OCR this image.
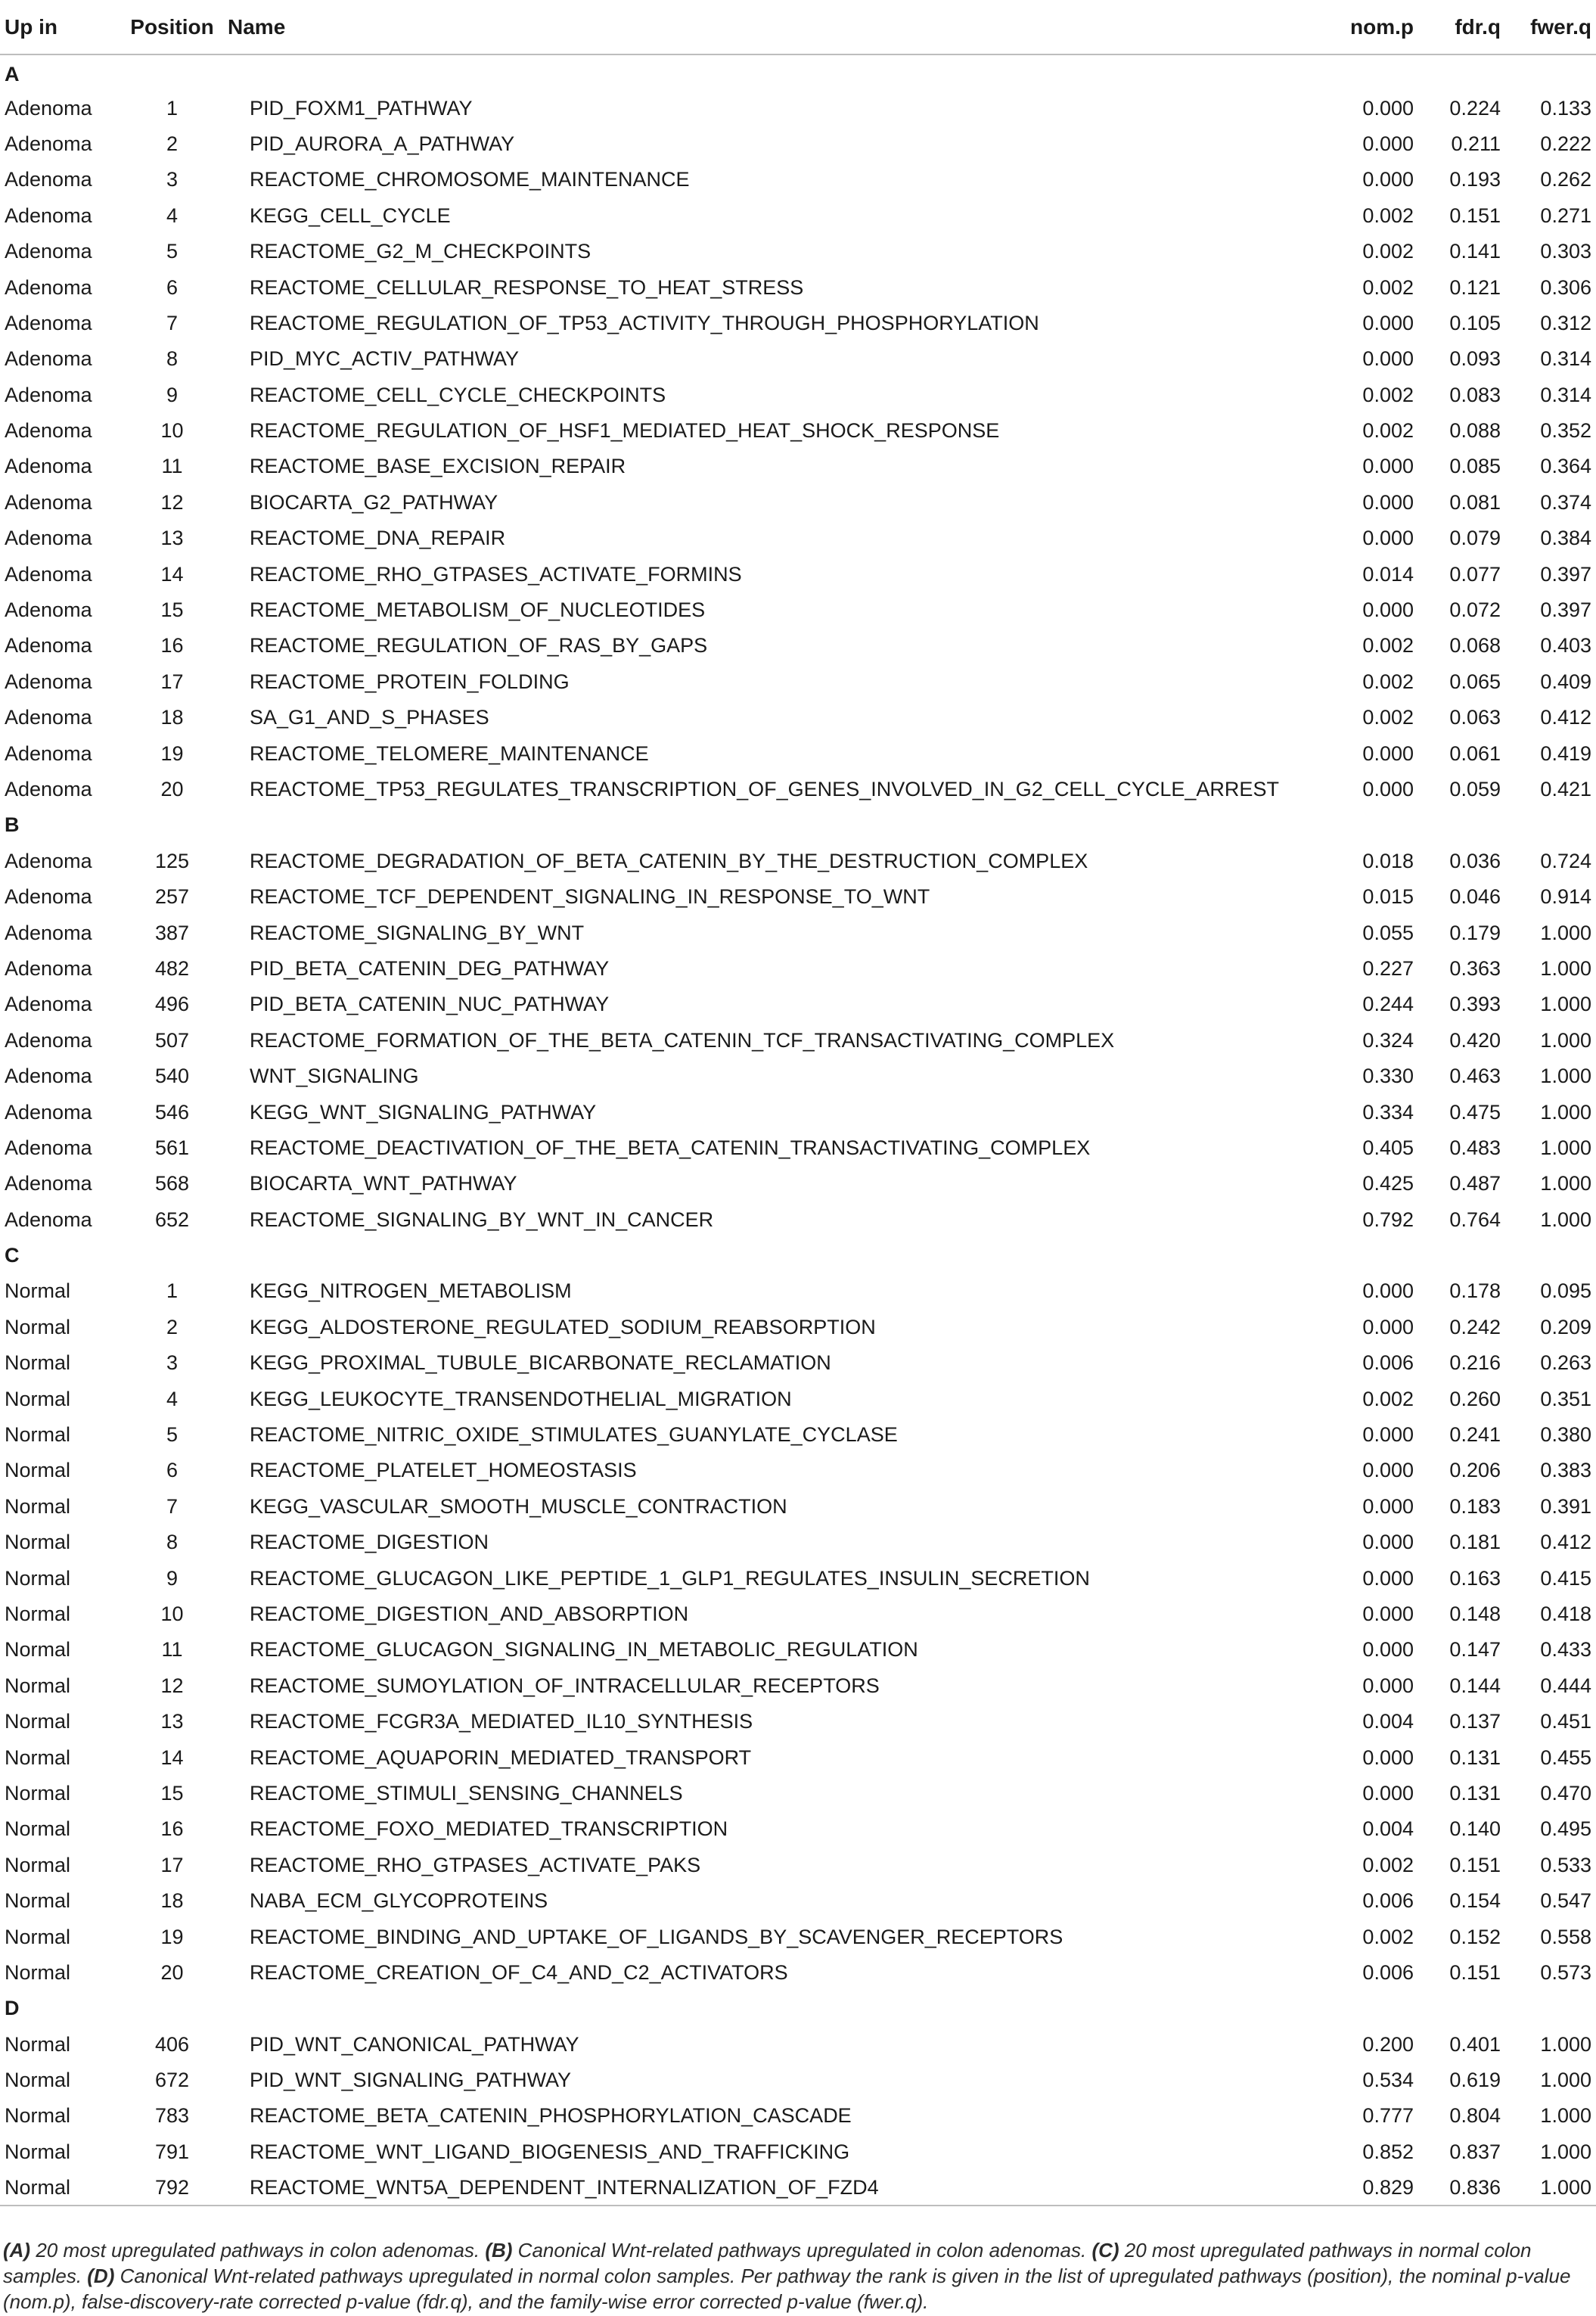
Up in	Position	Name	nom.p	fdr.q	fwer.q
A					
Adenoma	1	PID_FOXM1_PATHWAY	0.000	0.224	0.133
Adenoma	2	PID_AURORA_A_PATHWAY	0.000	0.211	0.222
Adenoma	3	REACTOME_CHROMOSOME_MAINTENANCE	0.000	0.193	0.262
Adenoma	4	KEGG_CELL_CYCLE	0.002	0.151	0.271
Adenoma	5	REACTOME_G2_M_CHECKPOINTS	0.002	0.141	0.303
Adenoma	6	REACTOME_CELLULAR_RESPONSE_TO_HEAT_STRESS	0.002	0.121	0.306
Adenoma	7	REACTOME_REGULATION_OF_TP53_ACTIVITY_THROUGH_PHOSPHORYLATION	0.000	0.105	0.312
Adenoma	8	PID_MYC_ACTIV_PATHWAY	0.000	0.093	0.314
Adenoma	9	REACTOME_CELL_CYCLE_CHECKPOINTS	0.002	0.083	0.314
Adenoma	10	REACTOME_REGULATION_OF_HSF1_MEDIATED_HEAT_SHOCK_RESPONSE	0.002	0.088	0.352
Adenoma	11	REACTOME_BASE_EXCISION_REPAIR	0.000	0.085	0.364
Adenoma	12	BIOCARTA_G2_PATHWAY	0.000	0.081	0.374
Adenoma	13	REACTOME_DNA_REPAIR	0.000	0.079	0.384
Adenoma	14	REACTOME_RHO_GTPASES_ACTIVATE_FORMINS	0.014	0.077	0.397
Adenoma	15	REACTOME_METABOLISM_OF_NUCLEOTIDES	0.000	0.072	0.397
Adenoma	16	REACTOME_REGULATION_OF_RAS_BY_GAPS	0.002	0.068	0.403
Adenoma	17	REACTOME_PROTEIN_FOLDING	0.002	0.065	0.409
Adenoma	18	SA_G1_AND_S_PHASES	0.002	0.063	0.412
Adenoma	19	REACTOME_TELOMERE_MAINTENANCE	0.000	0.061	0.419
Adenoma	20	REACTOME_TP53_REGULATES_TRANSCRIPTION_OF_GENES_INVOLVED_IN_G2_CELL_CYCLE_ARREST	0.000	0.059	0.421
B					
Adenoma	125	REACTOME_DEGRADATION_OF_BETA_CATENIN_BY_THE_DESTRUCTION_COMPLEX	0.018	0.036	0.724
Adenoma	257	REACTOME_TCF_DEPENDENT_SIGNALING_IN_RESPONSE_TO_WNT	0.015	0.046	0.914
Adenoma	387	REACTOME_SIGNALING_BY_WNT	0.055	0.179	1.000
Adenoma	482	PID_BETA_CATENIN_DEG_PATHWAY	0.227	0.363	1.000
Adenoma	496	PID_BETA_CATENIN_NUC_PATHWAY	0.244	0.393	1.000
Adenoma	507	REACTOME_FORMATION_OF_THE_BETA_CATENIN_TCF_TRANSACTIVATING_COMPLEX	0.324	0.420	1.000
Adenoma	540	WNT_SIGNALING	0.330	0.463	1.000
Adenoma	546	KEGG_WNT_SIGNALING_PATHWAY	0.334	0.475	1.000
Adenoma	561	REACTOME_DEACTIVATION_OF_THE_BETA_CATENIN_TRANSACTIVATING_COMPLEX	0.405	0.483	1.000
Adenoma	568	BIOCARTA_WNT_PATHWAY	0.425	0.487	1.000
Adenoma	652	REACTOME_SIGNALING_BY_WNT_IN_CANCER	0.792	0.764	1.000
C					
Normal	1	KEGG_NITROGEN_METABOLISM	0.000	0.178	0.095
Normal	2	KEGG_ALDOSTERONE_REGULATED_SODIUM_REABSORPTION	0.000	0.242	0.209
Normal	3	KEGG_PROXIMAL_TUBULE_BICARBONATE_RECLAMATION	0.006	0.216	0.263
Normal	4	KEGG_LEUKOCYTE_TRANSENDOTHELIAL_MIGRATION	0.002	0.260	0.351
Normal	5	REACTOME_NITRIC_OXIDE_STIMULATES_GUANYLATE_CYCLASE	0.000	0.241	0.380
Normal	6	REACTOME_PLATELET_HOMEOSTASIS	0.000	0.206	0.383
Normal	7	KEGG_VASCULAR_SMOOTH_MUSCLE_CONTRACTION	0.000	0.183	0.391
Normal	8	REACTOME_DIGESTION	0.000	0.181	0.412
Normal	9	REACTOME_GLUCAGON_LIKE_PEPTIDE_1_GLP1_REGULATES_INSULIN_SECRETION	0.000	0.163	0.415
Normal	10	REACTOME_DIGESTION_AND_ABSORPTION	0.000	0.148	0.418
Normal	11	REACTOME_GLUCAGON_SIGNALING_IN_METABOLIC_REGULATION	0.000	0.147	0.433
Normal	12	REACTOME_SUMOYLATION_OF_INTRACELLULAR_RECEPTORS	0.000	0.144	0.444
Normal	13	REACTOME_FCGR3A_MEDIATED_IL10_SYNTHESIS	0.004	0.137	0.451
Normal	14	REACTOME_AQUAPORIN_MEDIATED_TRANSPORT	0.000	0.131	0.455
Normal	15	REACTOME_STIMULI_SENSING_CHANNELS	0.000	0.131	0.470
Normal	16	REACTOME_FOXO_MEDIATED_TRANSCRIPTION	0.004	0.140	0.495
Normal	17	REACTOME_RHO_GTPASES_ACTIVATE_PAKS	0.002	0.151	0.533
Normal	18	NABA_ECM_GLYCOPROTEINS	0.006	0.154	0.547
Normal	19	REACTOME_BINDING_AND_UPTAKE_OF_LIGANDS_BY_SCAVENGER_RECEPTORS	0.002	0.152	0.558
Normal	20	REACTOME_CREATION_OF_C4_AND_C2_ACTIVATORS	0.006	0.151	0.573
D					
Normal	406	PID_WNT_CANONICAL_PATHWAY	0.200	0.401	1.000
Normal	672	PID_WNT_SIGNALING_PATHWAY	0.534	0.619	1.000
Normal	783	REACTOME_BETA_CATENIN_PHOSPHORYLATION_CASCADE	0.777	0.804	1.000
Normal	791	REACTOME_WNT_LIGAND_BIOGENESIS_AND_TRAFFICKING	0.852	0.837	1.000
Normal	792	REACTOME_WNT5A_DEPENDENT_INTERNALIZATION_OF_FZD4	0.829	0.836	1.000
(A) 20 most upregulated pathways in colon adenomas. (B) Canonical Wnt-related pathways upregulated in colon adenomas. (C) 20 most upregulated pathways in normal colon samples. (D) Canonical Wnt-related pathways upregulated in normal colon samples. Per pathway the rank is given in the list of upregulated pathways (position), the nominal p-value (nom.p), false-discovery-rate corrected p-value (fdr.q), and the family-wise error corrected p-value (fwer.q).
